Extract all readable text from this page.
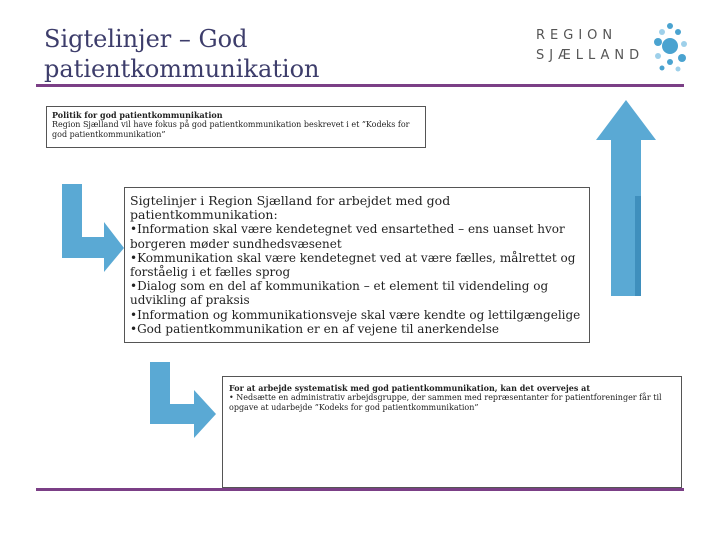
Sigtelinjer – God patientkommunikation
REGION
SJÆLLAND
Politik for god patientkommunikation
Region Sjælland vil have fokus på god patientkommunikation beskrevet i et ”Kodeks for god patientkommunikation”
Sigtelinjer i Region Sjælland for arbejdet med god patientkommunikation:
•Information skal være kendetegnet ved ensartethed – ens uanset hvor borgeren møder sundhedsvæsenet
•Kommunikation skal være kendetegnet ved at være fælles, målrettet og forståelig i et fælles sprog
•Dialog som en del af kommunikation – et element til videndeling og udvikling af praksis
•Information og kommunikationsveje skal være kendte og lettilgængelige
•God patientkommunikation er en af vejene til anerkendelse
For at arbejde systematisk med god patientkommunikation, kan det overvejes at
• Nedsætte en administrativ arbejdsgruppe, der sammen med repræsentanter for patientforeninger får til opgave at udarbejde ”Kodeks for god patientkommunikation”
